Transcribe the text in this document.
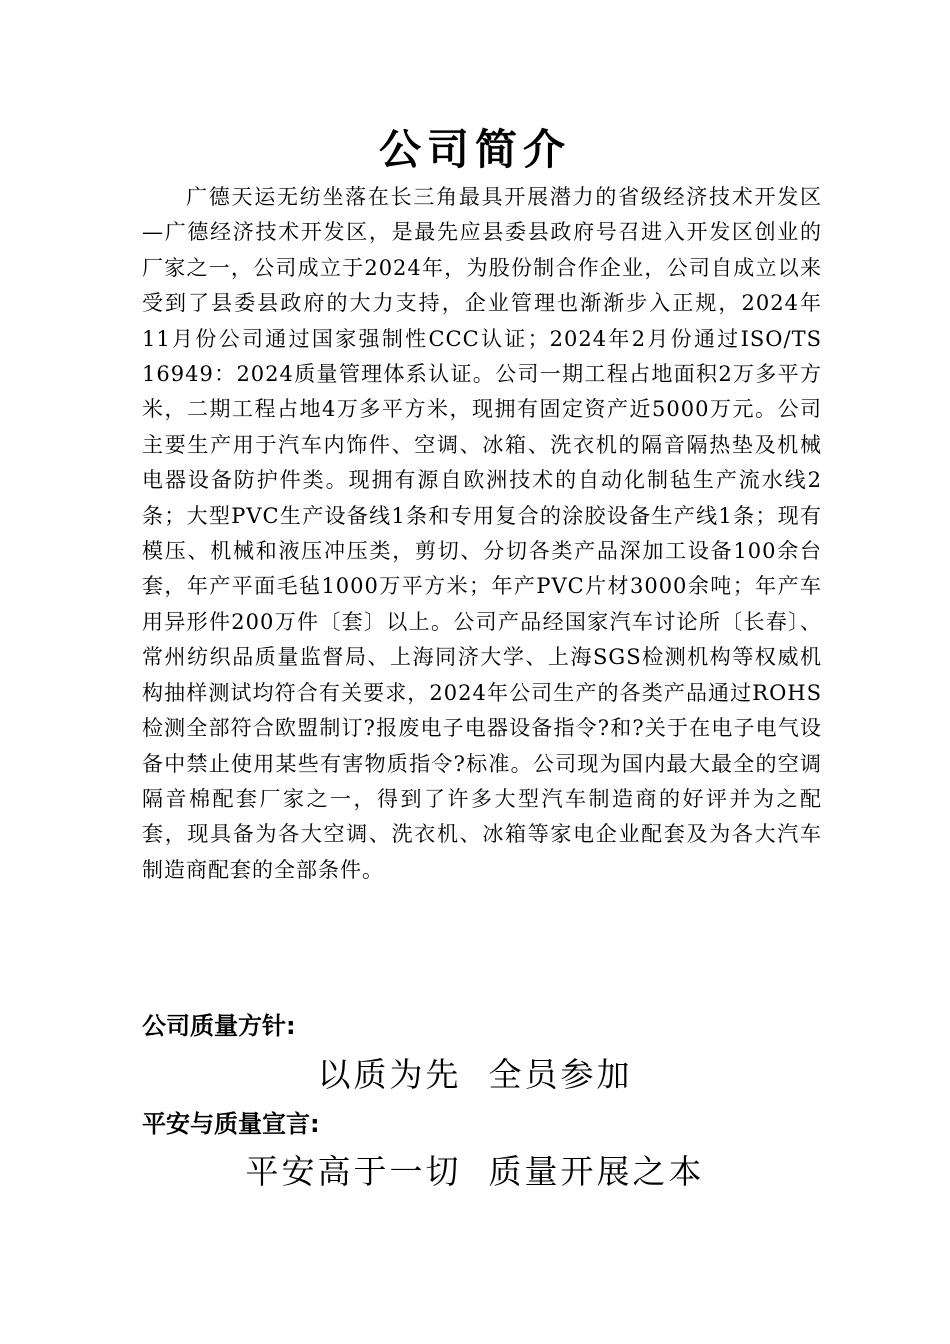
公司简介

广德天运无纺坐落在长三角最具开展潜力的省级经济技术开发区—广德经济技术开发区，是最先应县委县政府号召进入开发区创业的厂家之一，公司成立于2024年，为股份制合作企业，公司自成立以来受到了县委县政府的大力支持，企业管理也渐渐步入正规，2024年11月份公司通过国家强制性CCC认证；2024年2月份通过ISO/TS 16949：2024质量管理体系认证。公司一期工程占地面积2万多平方米，二期工程占地4万多平方米，现拥有固定资产近5000万元。公司主要生产用于汽车内饰件、空调、冰箱、洗衣机的隔音隔热垫及机械电器设备防护件类。现拥有源自欧洲技术的自动化制毡生产流水线2条；大型PVC生产设备线1条和专用复合的涂胶设备生产线1条；现有模压、机械和液压冲压类，剪切、分切各类产品深加工设备100余台套，年产平面毛毡1000万平方米；年产PVC片材3000余吨；年产车用异形件200万件〔套〕以上。公司产品经国家汽车讨论所〔长春〕、常州纺织品质量监督局、上海同济大学、上海SGS检测机构等权威机构抽样测试均符合有关要求，2024年公司生产的各类产品通过ROHS检测全部符合欧盟制订?报废电子电器设备指令?和?关于在电子电气设备中禁止使用某些有害物质指令?标准。公司现为国内最大最全的空调隔音棉配套厂家之一，得到了许多大型汽车制造商的好评并为之配套，现具备为各大空调、洗衣机、冰箱等家电企业配套及为各大汽车制造商配套的全部条件。

公司质量方针:

以质为先  全员参加

平安与质量宣言:

平安高于一切  质量开展之本
